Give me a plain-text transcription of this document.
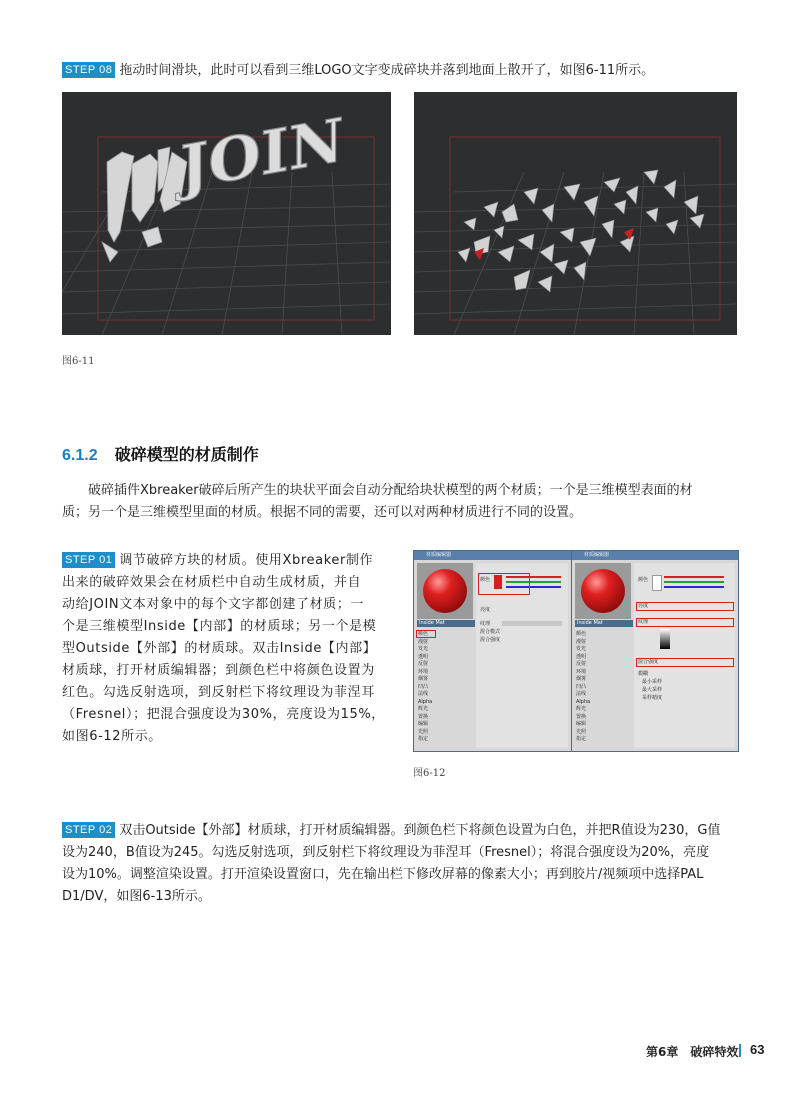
STEP 08 拖动时间滑块，此时可以看到三维LOGO文字变成碎块并落到地面上散开了，如图6-11所示。
JOIN
图6-11
6.1.2 破碎模型的材质制作
破碎插件Xbreaker破碎后所产生的块状平面会自动分配给块状模型的两个材质；一个是三维模型表面的材
质；另一个是三维模型里面的材质。根据不同的需要，还可以对两种材质进行不同的设置。
STEP 01 调节破碎方块的材质。使用Xbreaker制作
出来的破碎效果会在材质栏中自动生成材质，并自
动给JOIN文本对象中的每个文字都创建了材质；一
个是三维模型Inside【内部】的材质球；另一个是模
型Outside【外部】的材质球。双击Inside【内部】
材质球，打开材质编辑器；到颜色栏中将颜色设置为
红色。勾选反射选项，到反射栏下将纹理设为菲涅耳
（Fresnel）；把混合强度设为30%，亮度设为15%，
如图6-12所示。
材质编辑器
Inside Mat
颜色
漫射
发光
透明
反射
环境
烟雾
凹凸
法线
Alpha
辉光
置换
编辑
光照
指定
颜色
亮度
纹理
混合模式
混合强度
材质编辑器
Inside Mat
颜色
漫射
发光
透明
反射
环境
烟雾
凹凸
法线
Alpha
辉光
置换
编辑
光照
指定
颜色
亮度
纹理
混合强度
模糊
最小采样
最大采样
采样精度
图6-12
STEP 02 双击Outside【外部】材质球，打开材质编辑器。到颜色栏下将颜色设置为白色，并把R值设为230，G值
设为240，B值设为245。勾选反射选项，到反射栏下将纹理设为菲涅耳（Fresnel）；将混合强度设为20%，亮度
设为10%。调整渲染设置。打开渲染设置窗口，先在输出栏下修改屏幕的像素大小；再到胶片/视频项中选择PAL
D1/DV，如图6-13所示。
第6章　破碎特效 63
